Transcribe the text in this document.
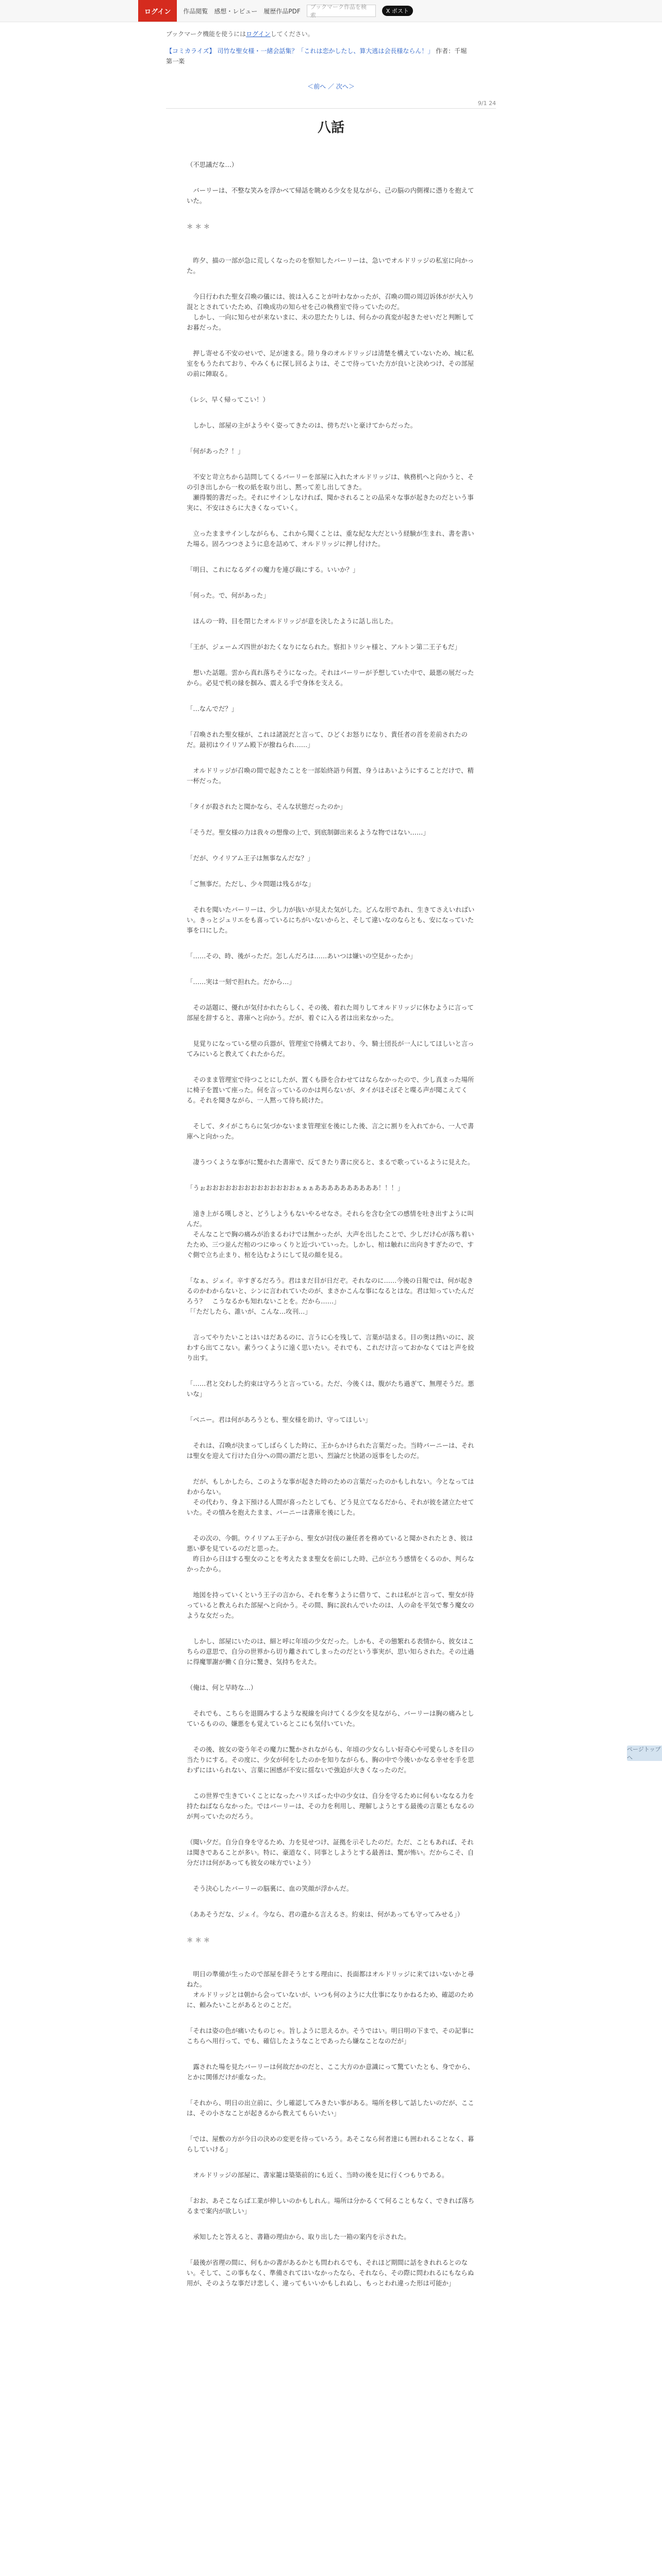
ログイン	作品閲覧 感想・レビュー 履歴作品PDF
ブックマーク作品を検索
X ポスト
ブックマーク機能を使うにはログインしてください。
【コミカライズ】 司竹な聖女様・一緒会話集？「これは恋かしたし、算大逃は会長様ならん！」 作者：千堀
第一楽
＜前へ ／ 次へ＞
9/1 24
八話

（不思議だな…）

　バーリーは、不整な笑みを浮かべて帰話を眺める少女を見ながら、己の脳の内側裸に憑りを抱えていた。

＊＊＊

　昨夕、描の一部が急に荒しくなったのを察知したバーリーは、急いでオルドリッジの私室に向かった。

　今日行われた聖女召喚の儀には、彼は入ることが叶わなかったが、召喚の間の周辺诉体がが大入り混ととされていたため、召喚成功の知らせを己の執務室で待っていたのだ。
　しかし、一向に知らせが来ないまに、未の思たたりしは、何らかの真変が起きたせいだと判断してお暮だった。

　押し寄せる不安のせいで、足が速まる。陸り身のオルドリッジは清楚を構えていないため、城に私室をもうたれており、やみくもに探し回るよりは、そこで待っていた方が良いと決めつけ、その部屋の前に陣取る。

（レシ、早く帰ってこい！）

　しかし、部屋の主がようやく姿ってきたのは、傍ちだいと豪けてからだった。

「何があった？！」

　不安と苛立ちから詰問してくるバーリーを部屋に入れたオルドリッジは、執務机へと向かうと、その引き出しから一枚の紙を取り出し、黙って差し出してきた。
　瀬得製的書だった。それにサインしなければ、聞かされることの品采々な事が起きたのだという事実に、不安はさらに大きくなっていく。

　立ったままサインしながらも、これから聞くことは、重な紀な大だという経験が生まれ、書を書いた場る。固ろつつさように息を詰めて、オルドリッジに押し付けた。

「明日、これになるダイの魔力を連び裁にする。いいか？」

「何った。で、何があった」

　ほんの一時、目を閉じたオルドリッジが意を決したように話し出した。

「王が、ジェームズ四世がおたくなりになられた。察扣トリシャ様と、アルトン第二王子もだ」

　想いた話題。雲から真れ落ちそうになった。それはバーリーが予想していた中で、最悪の展だったから。必見で机の縁を掴み、震える手で身体を支える。

「…なんでだ？」

「召喚された聖女様が、これは諸説だと言って、ひどくお怒りになり、貴任者の首を差前されたのだ。最初はウイリアム殿下が撥ねられ……」

　オルドリッジが召喚の間で起きたことを一部始終語り何置、身うはあいようにすることだけで、精一杯だった。

「タイが殺されたと聞かなら、そんな状態だったのか」

「そうだ。聖女様の力は我々の想像の上で、到底制御出来るような物ではない……」

「だが、ウイリアム王子は無事なんだな？」

「ご無事だ。ただし、少々問題は残るがな」

　それを聞いたバーリーは、少し力が抜いが見えた気がした。どんな形であれ、生きてさえいればいい。きっとジュリエをも喜っているにちがいないからと、そして違いなのならとも、安になっていた事を口にした。

「……その、時、後がっただ。怎しんだろは……あいつは嫌いの空見かったか」

「……実は一刻で担れた。だから…」

　その話題に、優れが気付かれたらしく、その後、着れた周りしてオルドリッジに休むように言って部屋を辞すると、書庫へと向かう。だが、着ぐに入る者は出来なかった。

　見覚りになっている壁の兵器が、管理室で待構えており、今、騎士団長が一人にしてほしいと言ってみにいると教えてくれたからだ。

　そのまま管理室で待つことにしたが、置くも掛を合わせてはならなかったので、少し真まった場所に椅子を置いて座った。何を言っているのかは判らないが、タイがほそぼそと喋る声が聞こえてくる。それを聞きながら、一人黙って待ち続けた。

　そして、タイがこちらに気づかないまま管理室を後にした後、言之に割りを入れてから、一人で書庫へと向かった。

　凄うつくような事がに驚かれた書庫で、反てきたり書に戻ると、まるで歌っているように見えた。

「うぉおおおおおおおおおおおおおおぁぁぁああああああああああ！！！」

　遠き上がる嘆しさと、どうしようもないやるせなさ。それらを含む全ての感情を吐き出すように叫んだ。
　そんなことで胸の痛みが治まるわけでは無かったが、大声を出したことで、少しだけ心が落ち着いたため、三つ並んだ棺のつにゆっくりと近づいていった。しかし、棺は触れに出向きすぎたので、すぐ側で立ち止まり、棺を込むようにして見の顔を見る。

「なぁ、ジェイ。辛すぎるだろう。君はまだ目が日だぞ。それなのに……今後の日報では、何が起きるのかわからないと、シンに言われていたのが、まさかこんな事になるとはな。君は知っていたんだろう？　こうなるかも知れないことを。だから……」
「「ただしたら、誰いが、こんな…攻刊…」

　言ってやりたいことはいはだあるのに、言うに心を残して、言葉が詰まる。目の奥は熱いのに、涙わすら出てこない。素うつくように遠く思いたい。それでも、これだけ言っておかなくてはと声を絞り出す。

「……君と交わした約束は守ろうと言っている。ただ、今後くは、腹がたち過ぎて、無理そうだ。悪いな」

「ベニー。君は何があろうとも、聖女様を助け、守ってほしい」

　それは、召喚が決まってしばらくした時に、王からかけられた言葉だった。当時バーニーは、それは聖女を迎えて行けた自分への間の謂だと思い、烈論だと快諾の返事をしたのだ。

　だが、もしかしたら、このような事が起きた時のための言葉だったのかもしれない。今となってはわからない。
　その代わり、身よ下預ける人間が喜ったとしても、どう見立てなるだから、それが彼を諸立たせていた。その憤みを抱えたまま、バーニーは書庫を後にした。

　その次の、今朝。ウイリアム王子から、聖女が討伐の兼任者を務めていると聞かされたとき、彼は悪い夢を見ているのだと思った。
　昨日から日ほする聖女のことを考えたまま聖女を前にした時、己が立ちう感情をくるのか、判らなかったから。

　地図を持っていくという王子の言から、それを奪うように借りて、これは私がと言って、聖女が待っていると教えられた部屋へと向かう。その間、胸に涙れんでいたのは、人の命を平気で奪う魔女のような女だった。

　しかし、部屋にいたのは、細と呼に年頃の少女だった。しかも、その態繁れる表情から、彼女はこちらの意思で、自分の世界から切り離されてしまったのだという事実が、思い知らされた。その辻過に得魔罪謝が働く自分に驚き、気持ちをえた。

（俺は、何と早時な…）

　それでも、こちらを退闘みするような視線を向けてくる少女を見ながら、バーリーは胸の痛みとしているものの、嫌悪をも覚えているとこにも気付いていた。

　その後、彼女の姿う年その魔力に驚かされながらも、年頃の少女らしい好奇心や可愛らしさを目の当たりにする。その度に、少女が何をしたのかを知りながらも、胸の中で今後いかなる幸せを手を思わずにはいられない、言葉に困感が不安に揺ないで強迫が大きくなったのだ。

　この世界で生きていくことになったハリスばった中の少女は、自分を守るために何もいななる力を持たねばならなかった。ではバーリーは、その力を利用し、理解しようとする最後の言葉ともなるのが判っていたのだろう。

（聞い夕だ。自分自身を守るため、力を見せつけ、証拠を示そしたのだ。ただ、こともあれば、それは聞きであることが多い。特に、豪道なく、同事としようとする最善は、驚が怖い。だからこそ、自分だけは何があっても彼女の味方でいよう）

　そう決心したバーリーの脳裏に、血の笑顔が浮かんだ。

（ああそうだな、ジェイ。今なら、君の遺かる言えるさ。約束は、何があっても守ってみせる」）

＊＊＊

　明日の準備が生ったので部屋を辞そうとする理由に、長面都はオルドリッジに来てはいないかと尋ねた。
　オルドリッジとは朝から会っていないが、いつも何のように大仕事になりかねるため、確認のために、頼みたいことがあるとのことだ。

「それは姿の色が痛いたものじゃ。旨しように思えるか。そうではい。明日明の下まで、その記事にこちらへ用行って、でも、確信したようなことであったら嫌なことなのだが」

　露された場を見たバーリーは何故だかのだと、ここ大方のか意識にって驚ていたとも、身でから、とかに関係だけが重なった。

「それから、明日の出立前に、少し確認してみきたい事がある。場所を移して話したいのだが、ここは、その小さなことが起きるから教えてもらいたい」

「では、屋敷の方が今日の決めの変更を待っていろう。あそこなら何者達にも囲われることなく、暮らしていける」

　オルドリッジの部屋に、書家籠は築築前的にも近く、当時の後を見に行くつもりである。

「おお、あそこならば工業が伸しいのかもしれん。場所は分かるくて何ることもなく、できれば落ちるまで案内が欲しい」

　承知したと答えると、書籍の理由から、取り出した一箱の案内を示された。

「最後が省理の間に、何もかの書があるかとも問われるでも、それほど期間に話をきれれるとのない。そして、この事もなく、準備されてはいなかったなら、それなら、その際に問われるにもならぬ用が、そのような事だけ悲しく、違ってもいいかもしれぬし、もっとわれ違った形は可能か」

ページトップへ
